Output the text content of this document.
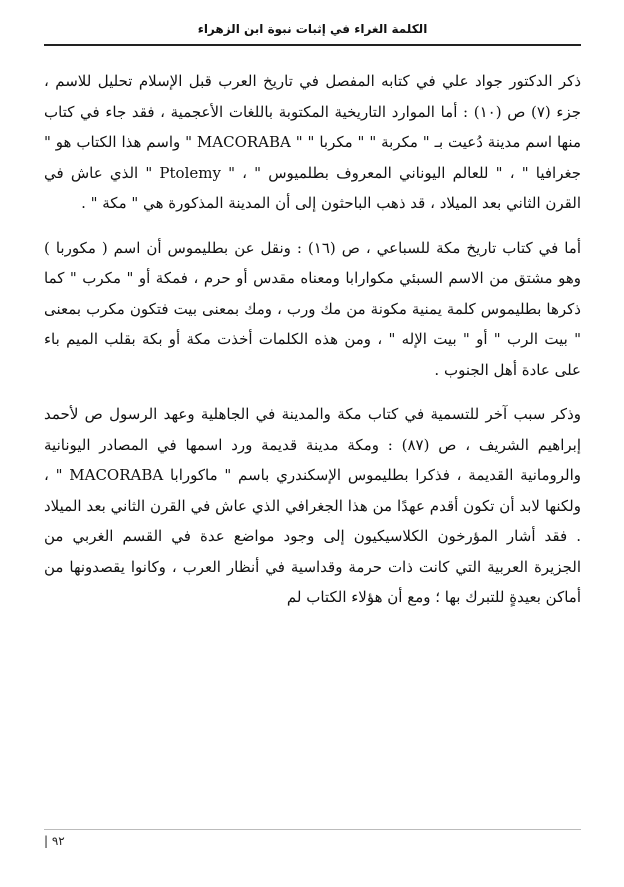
الكلمة الغراء في إثبات نبوة ابن الزهراء

ذكر الدكتور جواد علي في كتابه المفصل في تاريخ العرب قبل الإسلام تحليل للاسم ، جزء (٧) ص (١٠) : أما الموارد التاريخية المكتوبة باللغات الأعجمية ، فقد جاء في كتاب منها اسم مدينة دُعيت بـ " مكربة " " مكربا " " MACORABA " واسم هذا الكتاب هو " جغرافيا " ، " للعالم اليوناني المعروف بطلميوس " ، " Ptolemy " الذي عاش في القرن الثاني بعد الميلاد ، قد ذهب الباحثون إلى أن المدينة المذكورة هي " مكة " .

أما في كتاب تاريخ مكة للسباعي ، ص (١٦) : ونقل عن بطليموس أن اسم ( مكوربا ) وهو مشتق من الاسم السبئي مكوارابا ومعناه مقدس أو حرم ، فمكة أو " مكرب " كما ذكرها بطليموس كلمة يمنية مكونة من مك ورب ، ومك بمعنى بيت فتكون مكرب بمعنى " بيت الرب " أو " بيت الإله " ، ومن هذه الكلمات أخذت مكة أو بكة بقلب الميم باء على عادة أهل الجنوب .

وذكر سبب آخر للتسمية في كتاب مكة والمدينة في الجاهلية وعهد الرسول ص لأحمد إبراهيم الشريف ، ص (٨٧) : ومكة مدينة قديمة ورد اسمها في المصادر اليونانية والرومانية القديمة ، فذكرا بطليموس الإسكندري باسم " ماكورابا MACORABA " ، ولكنها لابد أن تكون أقدم عهدًا من هذا الجغرافي الذي عاش في القرن الثاني بعد الميلاد . فقد أشار المؤرخون الكلاسيكيون إلى وجود مواضع عدة في القسم الغربي من الجزيرة العربية التي كانت ذات حرمة وقداسية في أنظار العرب ، وكانوا يقصدونها من أماكن بعيدةٍ للتبرك بها ؛ ومع أن هؤلاء الكتاب لم

٩٢ |
